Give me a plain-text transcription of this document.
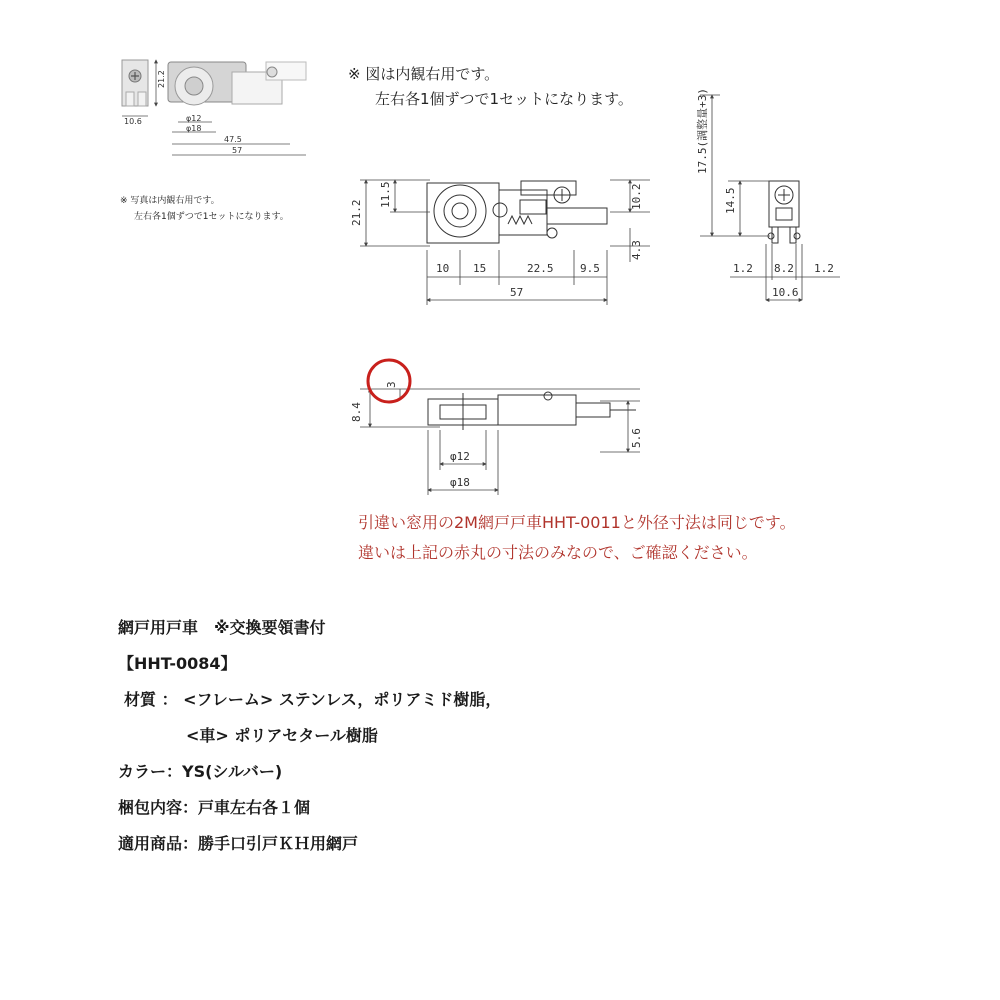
21.2
10.6	φ12
φ18
47.5
57
※ 写真は内観右用です。
左右各1個ずつで1セットになります。
※ 図は内観右用です。
左右各1個ずつで1セットになります。
21.2
11.5	10.2
4.3
10 15	22.5 9.5
57
17.5(調整量+3)
14.5
1.2 8.2 1.2
10.6
3
8.4
5.6
φ12
φ18
引違い窓用の2M網戸戸車HHT-0011と外径寸法は同じです。
違いは上記の赤丸の寸法のみなので、ご確認ください。
網戸用戸車　※交換要領書付
【HHT-0084】
材質 ： <フレーム> ステンレス，ポリアミド樹脂，
<車> ポリアセタール樹脂
カラー：YS(シルバー)
梱包内容：戸車左右各１個
適用商品：勝手口引戸ＫＨ用網戸
